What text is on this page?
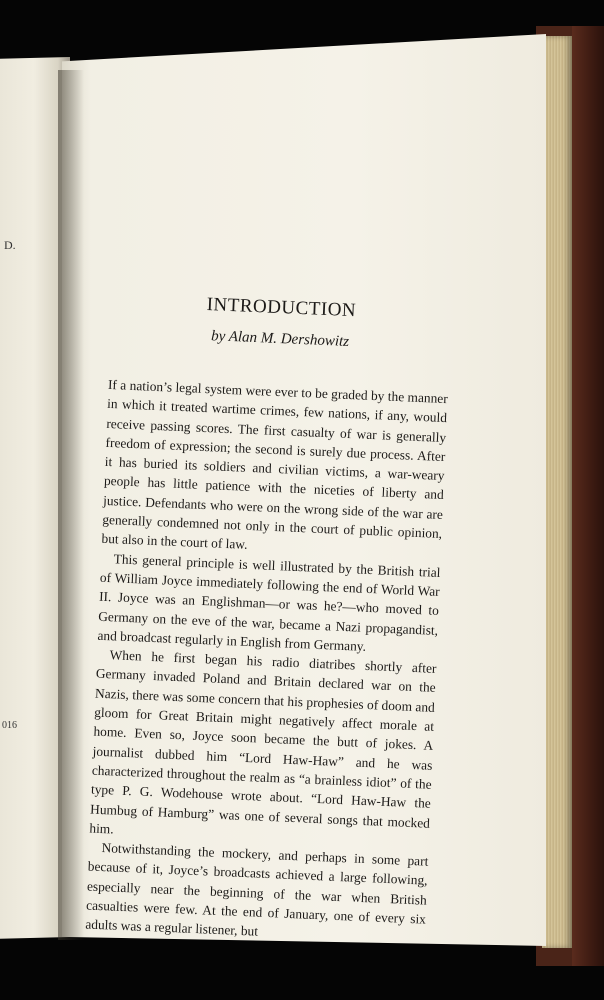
D.
016
INTRODUCTION
by Alan M. Dershowitz

If a nation’s legal system were ever to be graded by the manner in which it treated wartime crimes, few nations, if any, would receive passing scores. The first casualty of war is generally freedom of expression; the second is surely due process. After it has buried its soldiers and civilian victims, a war-weary people has little patience with the niceties of liberty and justice. Defendants who were on the wrong side of the war are generally condemned not only in the court of public opinion, but also in the court of law.

This general principle is well illustrated by the British trial of William Joyce immediately following the end of World War II. Joyce was an Englishman—or was he?—who moved to Germany on the eve of the war, became a Nazi propagandist, and broadcast regularly in English from Germany.

When he first began his radio diatribes shortly after Germany invaded Poland and Britain declared war on the Nazis, there was some concern that his prophesies of doom and gloom for Great Britain might negatively affect morale at home. Even so, Joyce soon became the butt of jokes. A journalist dubbed him “Lord Haw-Haw” and he was characterized throughout the realm as “a brainless idiot” of the type P. G. Wodehouse wrote about. “Lord Haw-Haw the Humbug of Hamburg” was one of several songs that mocked him.

Notwithstanding the mockery, and perhaps in some part because of it, Joyce’s broadcasts achieved a large following, especially near the beginning of the war when British casualties were few. At the end of January, one of every six adults was a regular listener, but
